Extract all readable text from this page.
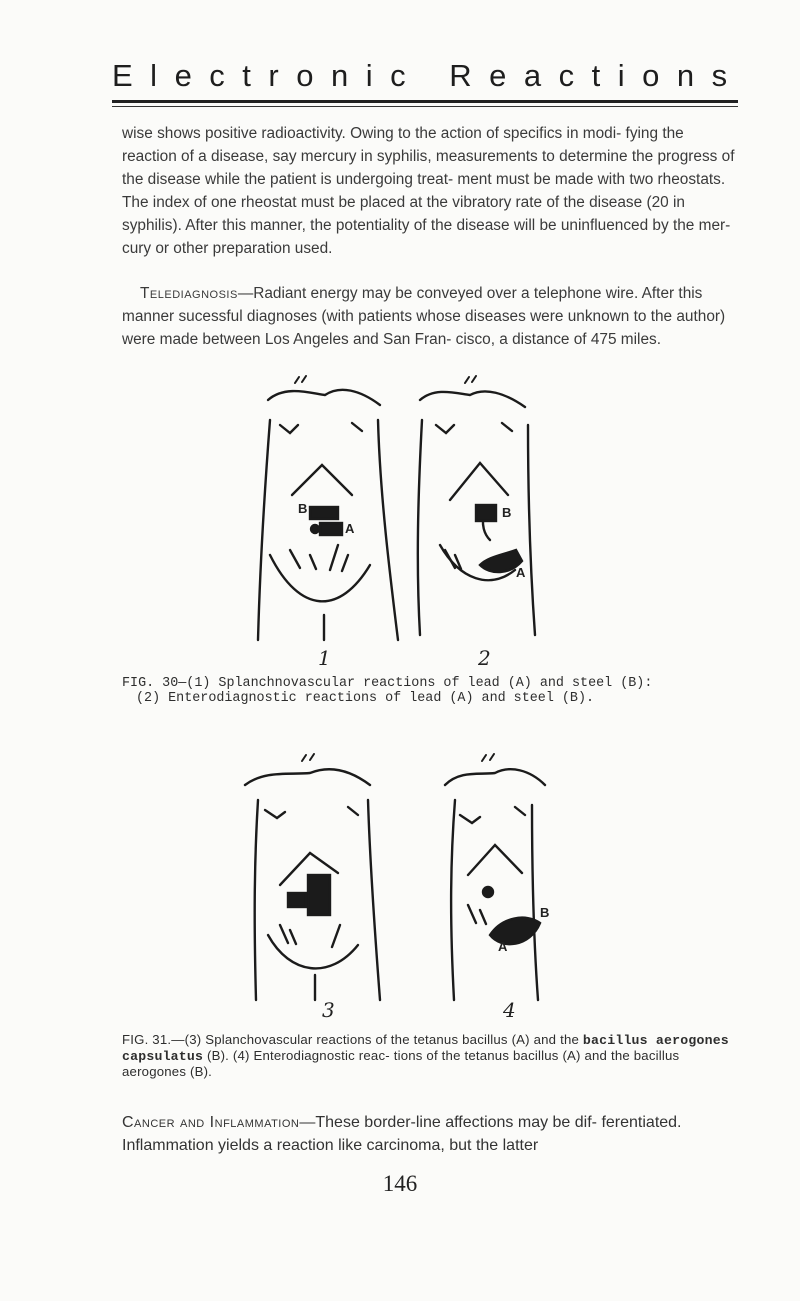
Electronic Reactions
wise shows positive radioactivity. Owing to the action of specifics in modi- fying the reaction of a disease, say mercury in syphilis, measurements to determine the progress of the disease while the patient is undergoing treat- ment must be made with two rheostats. The index of one rheostat must be placed at the vibratory rate of the disease (20 in syphilis). After this manner, the potentiality of the disease will be uninfluenced by the mer- cury or other preparation used.
Telediagnosis—Radiant energy may be conveyed over a telephone wire. After this manner sucessful diagnoses (with patients whose diseases were unknown to the author) were made between Los Angeles and San Fran- cisco, a distance of 475 miles.
B
A
1
B
A
2
FIG. 30—(1) Splanchnovascular reactions of lead (A) and steel (B):
(2) Enterodiagnostic reactions of lead (A) and steel (B).
3
B
A
4
FIG. 31.—(3) Splanchovascular reactions of the tetanus bacillus (A) and the bacillus aerogones capsulatus (B). (4) Enterodiagnostic reac- tions of the tetanus bacillus (A) and the bacillus aerogones (B).
Cancer and Inflammation—These border-line affections may be dif- ferentiated. Inflammation yields a reaction like carcinoma, but the latter
146
